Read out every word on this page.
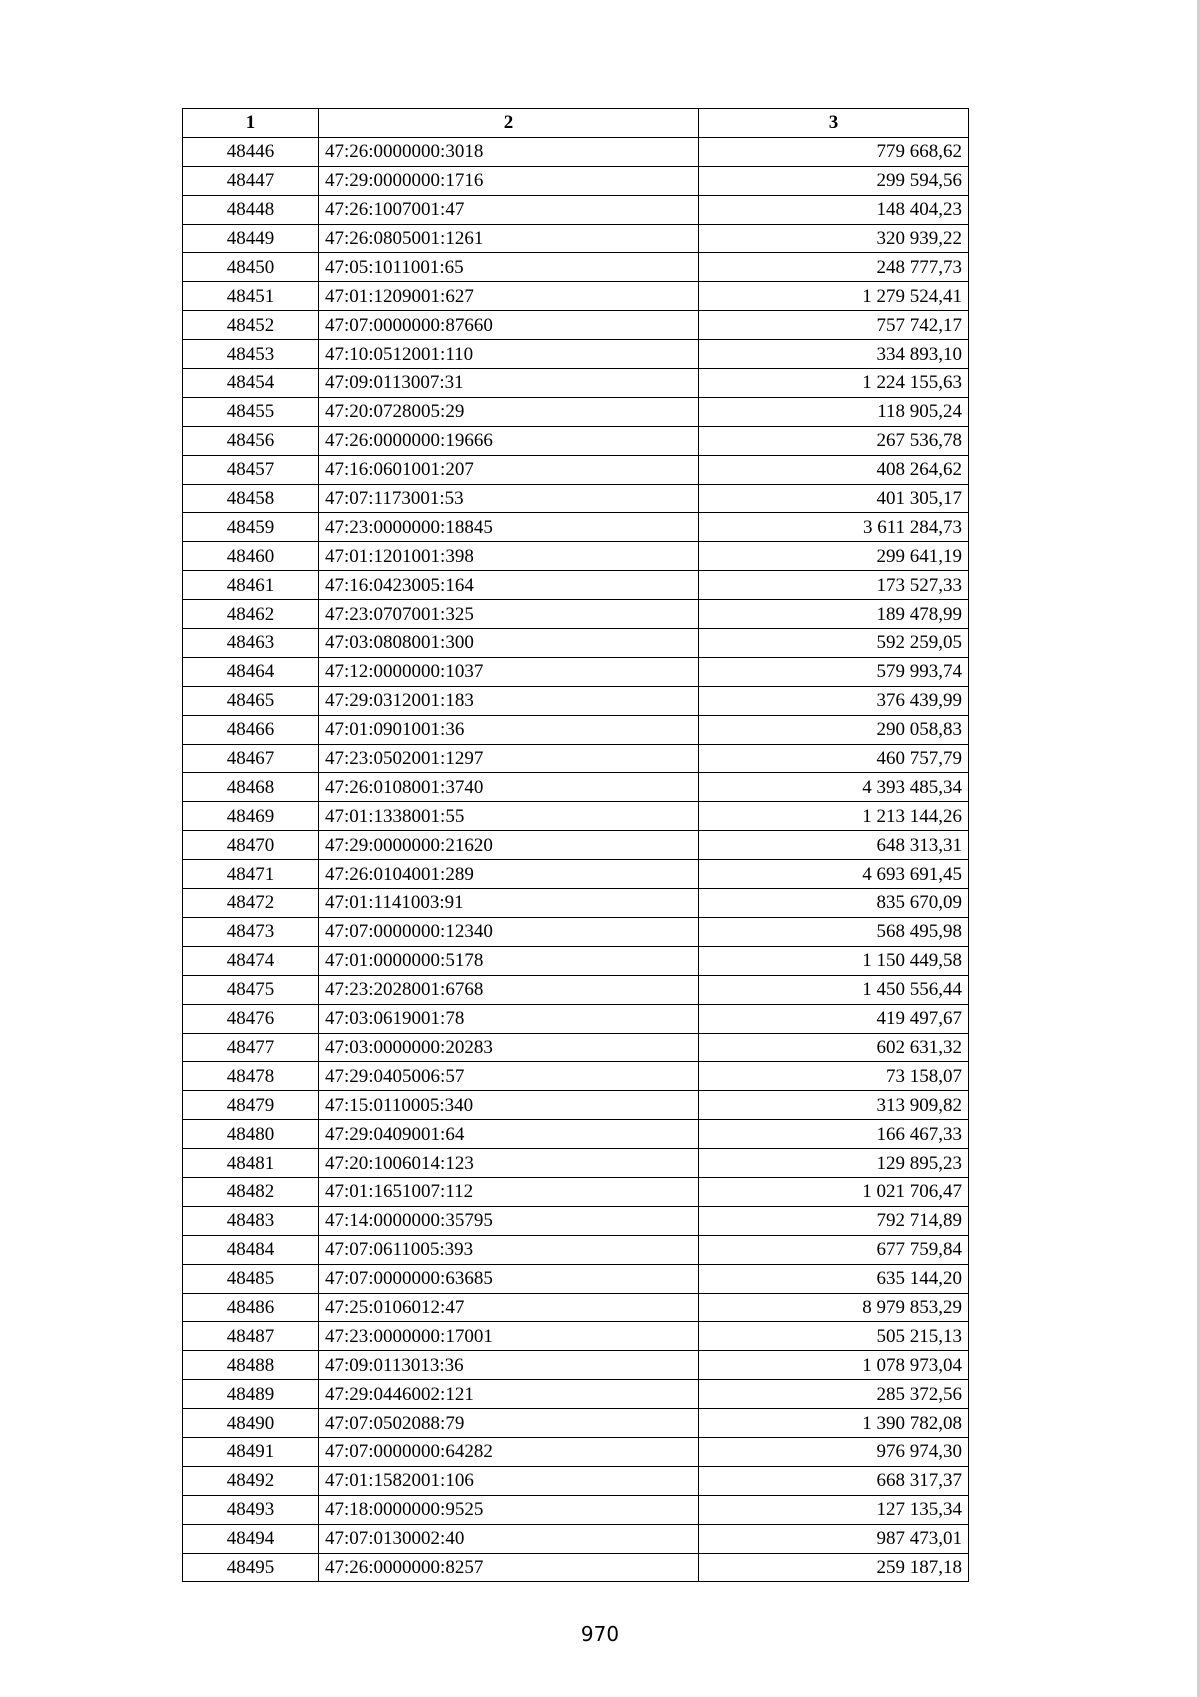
1	2	3
48446	47:26:0000000:3018	779 668,62
48447	47:29:0000000:1716	299 594,56
48448	47:26:1007001:47	148 404,23
48449	47:26:0805001:1261	320 939,22
48450	47:05:1011001:65	248 777,73
48451	47:01:1209001:627	1 279 524,41
48452	47:07:0000000:87660	757 742,17
48453	47:10:0512001:110	334 893,10
48454	47:09:0113007:31	1 224 155,63
48455	47:20:0728005:29	118 905,24
48456	47:26:0000000:19666	267 536,78
48457	47:16:0601001:207	408 264,62
48458	47:07:1173001:53	401 305,17
48459	47:23:0000000:18845	3 611 284,73
48460	47:01:1201001:398	299 641,19
48461	47:16:0423005:164	173 527,33
48462	47:23:0707001:325	189 478,99
48463	47:03:0808001:300	592 259,05
48464	47:12:0000000:1037	579 993,74
48465	47:29:0312001:183	376 439,99
48466	47:01:0901001:36	290 058,83
48467	47:23:0502001:1297	460 757,79
48468	47:26:0108001:3740	4 393 485,34
48469	47:01:1338001:55	1 213 144,26
48470	47:29:0000000:21620	648 313,31
48471	47:26:0104001:289	4 693 691,45
48472	47:01:1141003:91	835 670,09
48473	47:07:0000000:12340	568 495,98
48474	47:01:0000000:5178	1 150 449,58
48475	47:23:2028001:6768	1 450 556,44
48476	47:03:0619001:78	419 497,67
48477	47:03:0000000:20283	602 631,32
48478	47:29:0405006:57	73 158,07
48479	47:15:0110005:340	313 909,82
48480	47:29:0409001:64	166 467,33
48481	47:20:1006014:123	129 895,23
48482	47:01:1651007:112	1 021 706,47
48483	47:14:0000000:35795	792 714,89
48484	47:07:0611005:393	677 759,84
48485	47:07:0000000:63685	635 144,20
48486	47:25:0106012:47	8 979 853,29
48487	47:23:0000000:17001	505 215,13
48488	47:09:0113013:36	1 078 973,04
48489	47:29:0446002:121	285 372,56
48490	47:07:0502088:79	1 390 782,08
48491	47:07:0000000:64282	976 974,30
48492	47:01:1582001:106	668 317,37
48493	47:18:0000000:9525	127 135,34
48494	47:07:0130002:40	987 473,01
48495	47:26:0000000:8257	259 187,18
970
